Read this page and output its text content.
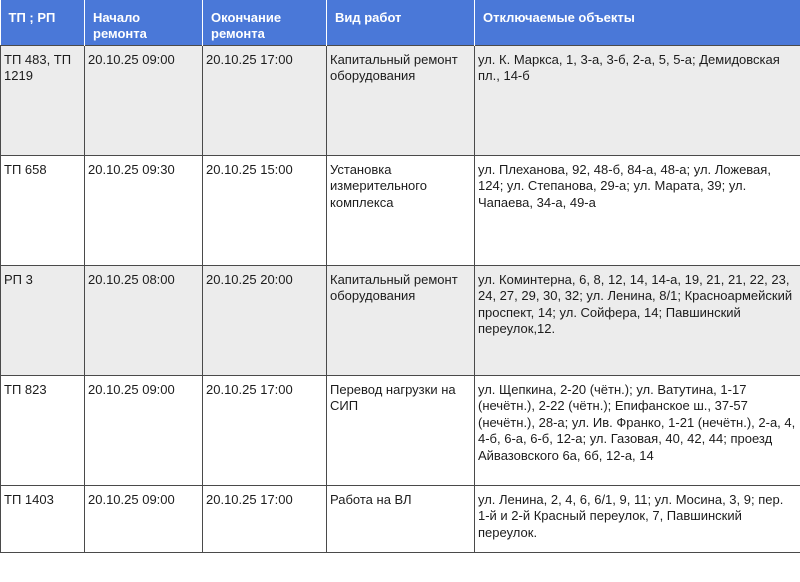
ТП ; РП	Начало ремонта	Окончание ремонта	Вид работ	Отключаемые объекты
ТП 483, ТП 1219	20.10.25 09:00	20.10.25 17:00	Капитальный ремонт оборудования	ул. К. Маркса, 1, 3-а, 3-б, 2-а, 5, 5-а; Демидовская пл., 14-б
ТП 658	20.10.25 09:30	20.10.25 15:00	Установка измерительного комплекса	ул. Плеханова, 92, 48-б, 84-а, 48-а; ул. Ложевая, 124; ул. Степанова, 29-а; ул. Марата, 39; ул. Чапаева, 34-а, 49-а
РП 3	20.10.25 08:00	20.10.25 20:00	Капитальный ремонт оборудования	ул. Коминтерна, 6, 8, 12, 14, 14-а, 19, 21, 21, 22, 23, 24, 27, 29, 30, 32; ул. Ленина, 8/1; Красноармейский проспект, 14; ул. Сойфера, 14; Павшинский переулок,12.
ТП 823	20.10.25 09:00	20.10.25 17:00	Перевод нагрузки на СИП	ул. Щепкина, 2-20 (чётн.); ул. Ватутина, 1-17 (нечётн.), 2-22 (чётн.); Епифанское ш., 37-57 (нечётн.), 28-а; ул. Ив. Франко, 1-21 (нечётн.), 2-а, 4, 4-б, 6-а, 6-б, 12-а; ул. Газовая, 40, 42, 44; проезд Айвазовского 6а, 6б, 12-а, 14
ТП 1403	20.10.25 09:00	20.10.25 17:00	Работа на ВЛ	ул. Ленина, 2, 4, 6, 6/1, 9, 11; ул. Мосина, 3, 9; пер. 1-й и 2-й Красный переулок, 7, Павшинский переулок.
